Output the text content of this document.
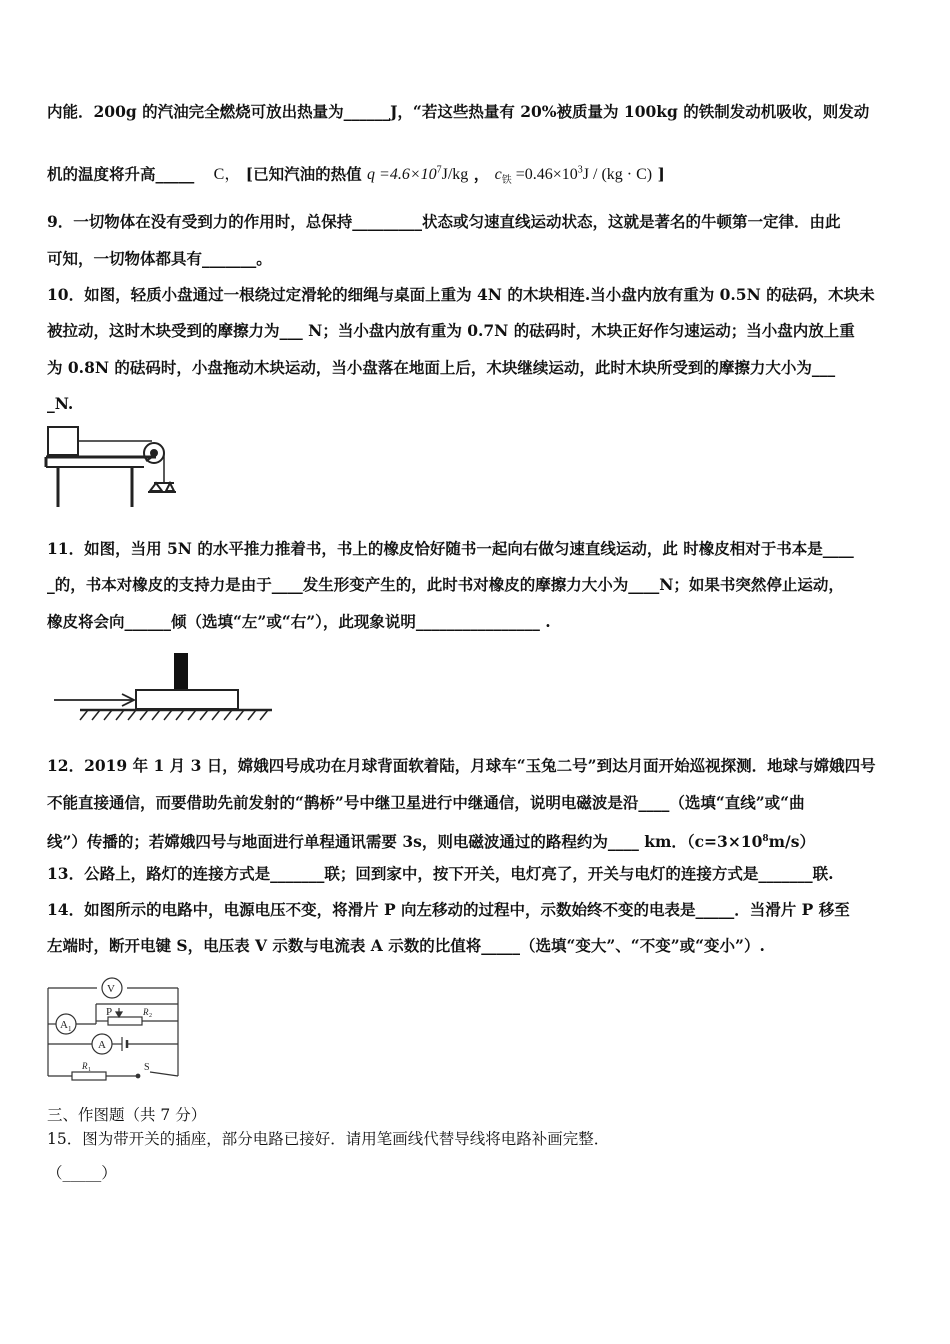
内能．200g 的汽油完全燃烧可放出热量为______J，“若这些热量有 20%被质量为 100kg 的铁制发动机吸收，则发动
机的温度将升高_____ C， [已知汽油的热值 $q =4.6\times 10^7J/kg$ ， $c_铁 =0.46\times 10^3J / (kg \cdot C)$ ]
9．一切物体在没有受到力的作用时，总保持_________状态或匀速直线运动状态，这就是著名的牛顿第一定律．由此
可知，一切物体都具有_______。
10．如图，轻质小盘通过一根绕过定滑轮的细绳与桌面上重为 4N 的木块相连.当小盘内放有重为 0.5N 的砝码，木块未
被拉动，这时木块受到的摩擦力为___ N；当小盘内放有重为 0.7N 的砝码时，木块正好作匀速运动；当小盘内放上重
为 0.8N 的砝码时，小盘拖动木块运动，当小盘落在地面上后，木块继续运动，此时木块所受到的摩擦力大小为___
_N.
11．如图，当用 5N 的水平推力推着书，书上的橡皮恰好随书一起向右做匀速直线运动，此 时橡皮相对于书本是____
_的，书本对橡皮的支持力是由于____发生形变产生的，此时书对橡皮的摩擦力大小为____N；如果书突然停止运动，
橡皮将会向______倾（选填“左”或“右”），此现象说明________________ .
12．2019 年 1 月 3 日，嫦娥四号成功在月球背面软着陆，月球车“玉兔二号”到达月面开始巡视探测．地球与嫦娥四号
不能直接通信，而要借助先前发射的“鹊桥”号中继卫星进行中继通信，说明电磁波是沿____（选填“直线”或“曲
线”）传播的；若嫦娥四号与地面进行单程通讯需要 3s，则电磁波通过的路程约为____ km．$(c=3\times 10^8m/s)$
13．公路上，路灯的连接方式是_______联；回到家中，按下开关，电灯亮了，开关与电灯的连接方式是_______联.
14．如图所示的电路中，电源电压不变，将滑片 P 向左移动的过程中，示数始终不变的电表是_____．当滑片 P 移至
左端时，断开电键 S，电压表 V 示数与电流表 A 示数的比值将_____（选填“变大”、“不变”或“变小”）.
V
A 1
A
P	R 2
R 1	S
三、作图题（共 7 分）
15．图为带开关的插座，部分电路已接好．请用笔画线代替导线将电路补画完整．
（_____）
